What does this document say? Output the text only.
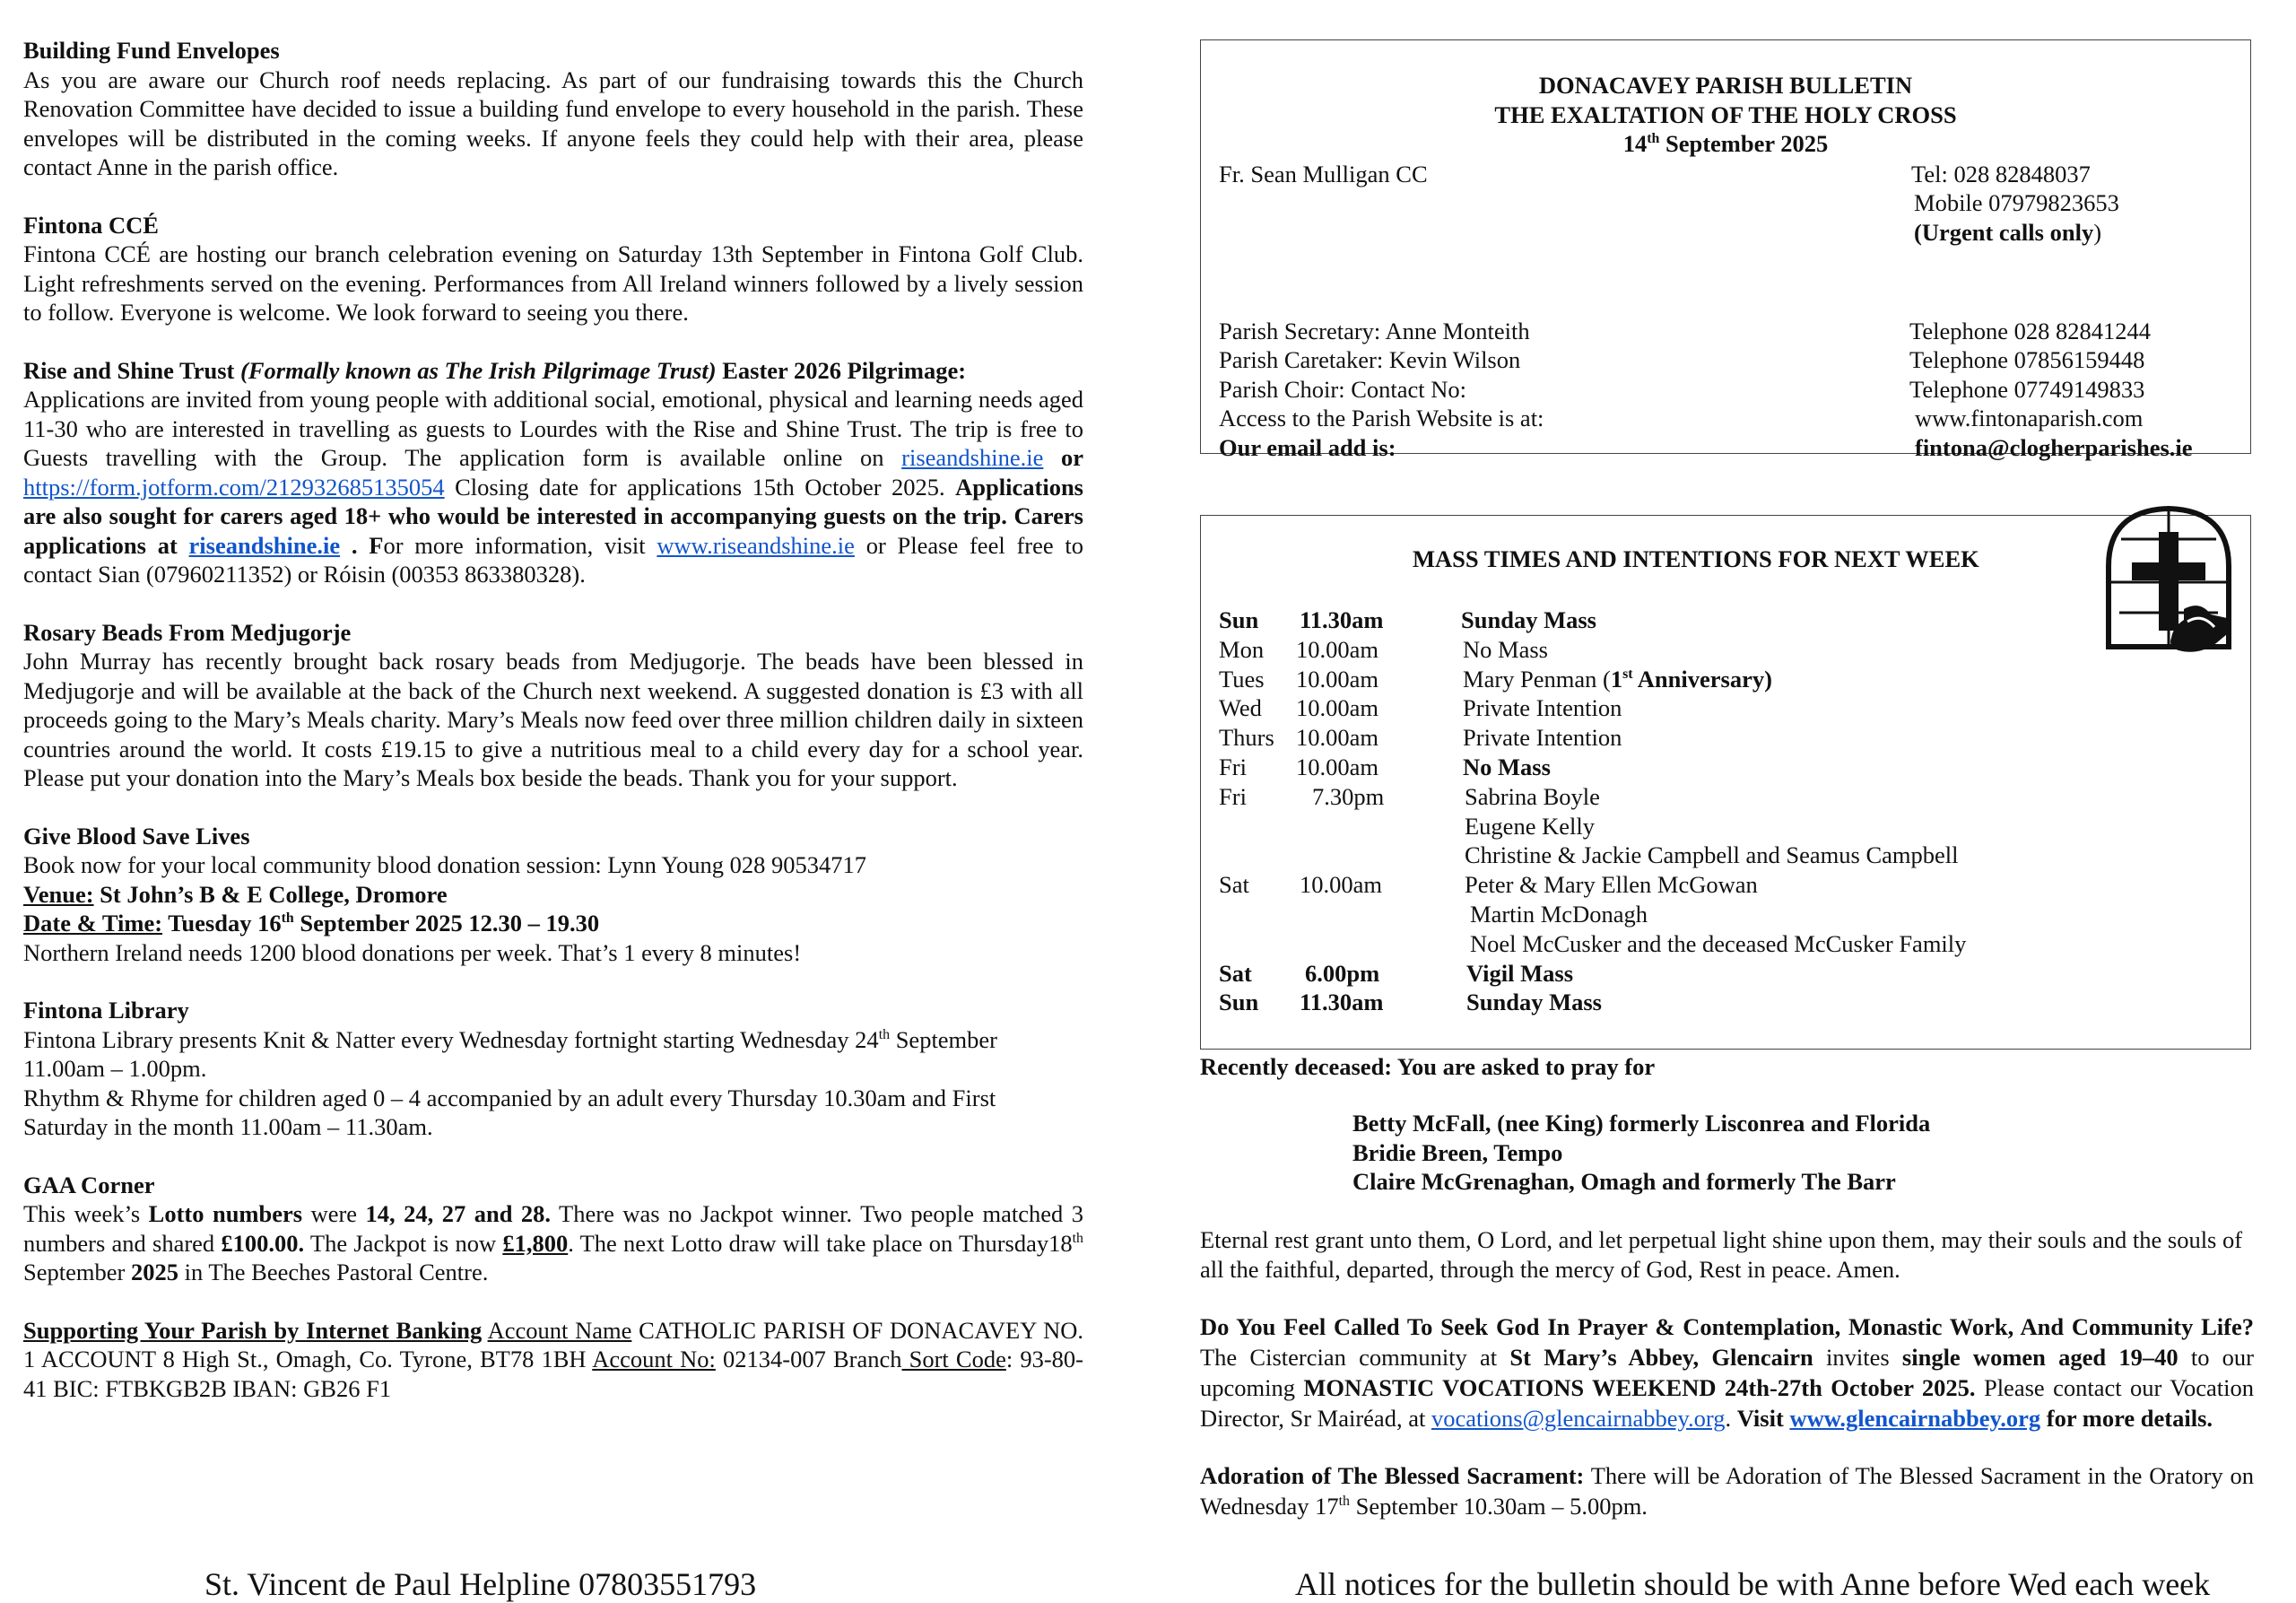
Building Fund Envelopes

As you are aware our Church roof needs replacing. As part of our fundraising towards this the Church Renovation Committee have decided to issue a building fund envelope to every household in the parish. These envelopes will be distributed in the coming weeks. If anyone feels they could help with their area, please contact Anne in the parish office.

Fintona CCÉ

Fintona CCÉ are hosting our branch celebration evening on Saturday 13th September in Fintona Golf Club. Light refreshments served on the evening. Performances from All Ireland winners followed by a lively session to follow. Everyone is welcome. We look forward to seeing you there.

Rise and Shine Trust (Formally known as The Irish Pilgrimage Trust) Easter 2026 Pilgrimage:

Applications are invited from young people with additional social, emotional, physical and learning needs aged 11-30 who are interested in travelling as guests to Lourdes with the Rise and Shine Trust. The trip is free to Guests travelling with the Group. The application form is available online on riseandshine.ie or https://form.jotform.com/212932685135054 Closing date for applications 15th October 2025. Applications are also sought for carers aged 18+ who would be interested in accompanying guests on the trip. Carers applications at riseandshine.ie . For more information, visit www.riseandshine.ie or Please feel free to contact Sian (07960211352) or Róisin (00353 863380328).

Rosary Beads From Medjugorje

John Murray has recently brought back rosary beads from Medjugorje. The beads have been blessed in Medjugorje and will be available at the back of the Church next weekend. A suggested donation is £3 with all proceeds going to the Mary’s Meals charity. Mary’s Meals now feed over three million children daily in sixteen countries around the world. It costs £19.15 to give a nutritious meal to a child every day for a school year. Please put your donation into the Mary’s Meals box beside the beads. Thank you for your support.

Give Blood Save Lives

Book now for your local community blood donation session: Lynn Young 028 90534717

Venue: St John’s B & E College, Dromore

Date & Time: Tuesday 16th September 2025 12.30 – 19.30

Northern Ireland needs 1200 blood donations per week. That’s 1 every 8 minutes!

Fintona Library

Fintona Library presents Knit & Natter every Wednesday fortnight starting Wednesday 24th September 11.00am – 1.00pm.

Rhythm & Rhyme for children aged 0 – 4 accompanied by an adult every Thursday 10.30am and First Saturday in the month 11.00am – 11.30am.

GAA Corner

This week’s Lotto numbers were 14, 24, 27 and 28. There was no Jackpot winner. Two people matched 3 numbers and shared £100.00. The Jackpot is now £1,800. The next Lotto draw will take place on Thursday18th September 2025 in The Beeches Pastoral Centre.

Supporting Your Parish by Internet Banking Account Name CATHOLIC PARISH OF DONACAVEY NO. 1 ACCOUNT 8 High St., Omagh, Co. Tyrone, BT78 1BH Account No: 02134-007 Branch Sort Code: 93-80-41 BIC: FTBKGB2B IBAN: GB26 F1

St. Vincent de Paul Helpline 07803551793	All notices for the bulletin should be with Anne before Wed each week
DONACAVEY PARISH BULLETIN
THE EXALTATION OF THE HOLY CROSS
14th September 2025
Fr. Sean Mulligan CC	Tel: 028 82848037
Mobile 07979823653
(Urgent calls only)
Parish Secretary: Anne Monteith	Telephone 028 82841244
Parish Caretaker: Kevin Wilson	Telephone 07856159448
Parish Choir: Contact No:	Telephone 07749149833
Access to the Parish Website is at:	www.fintonaparish.com
Our email add is:	fintona@clogherparishes.ie
MASS TIMES AND INTENTIONS FOR NEXT WEEK
Sun 11.30am	Sunday Mass
Mon 10.00am	No Mass
Tues 10.00am	Mary Penman (1st Anniversary)
Wed 10.00am	Private Intention
Thurs 10.00am	Private Intention
Fri 10.00am	No Mass
Fri	7.30pm	Sabrina Boyle
Eugene Kelly
Christine & Jackie Campbell and Seamus Campbell
Sat 10.00am	Peter & Mary Ellen McGowan
Martin McDonagh
Noel McCusker and the deceased McCusker Family
Sat 6.00pm	Vigil Mass
Sun 11.30am	Sunday Mass

Recently deceased: You are asked to pray for

Betty McFall, (nee King) formerly Lisconrea and Florida
Bridie Breen, Tempo
Claire McGrenaghan, Omagh and formerly The Barr

Eternal rest grant unto them, O Lord, and let perpetual light shine upon them, may their souls and the souls of all the faithful, departed, through the mercy of God, Rest in peace. Amen.

Do You Feel Called To Seek God In Prayer & Contemplation, Monastic Work, And Community Life? The Cistercian community at St Mary’s Abbey, Glencairn invites single women aged 19–40 to our upcoming MONASTIC VOCATIONS WEEKEND 24th-27th October 2025. Please contact our Vocation Director, Sr Mairéad, at vocations@glencairnabbey.org. Visit www.glencairnabbey.org for more details.

Adoration of The Blessed Sacrament: There will be Adoration of The Blessed Sacrament in the Oratory on Wednesday 17th September 10.30am – 5.00pm.
